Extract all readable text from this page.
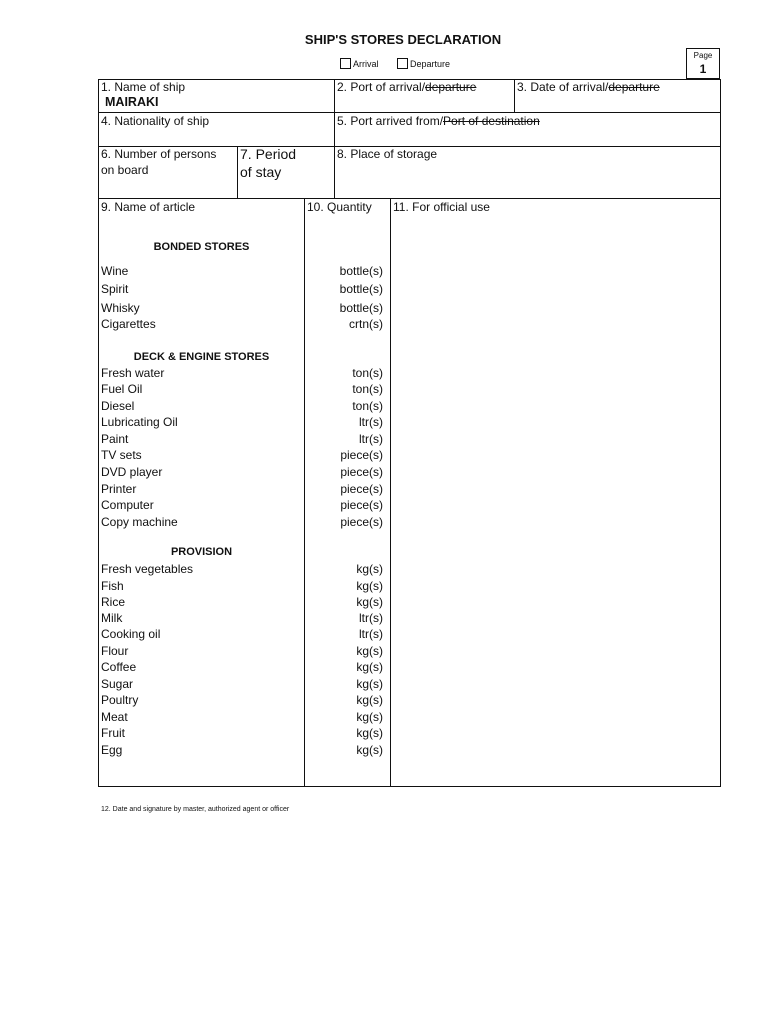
SHIP'S STORES DECLARATION
Arrival	Departure
Page
1
1. Name of ship
MAIRAKI
2. Port of arrival/departure	3. Date of arrival/departure
4. Nationality of ship	5. Port arrived from/Port of destination
6. Number of persons
on board
7. Period
of stay
8. Place of storage
9. Name of article	10. Quantity 11. For official use
BONDED STORES
DECK & ENGINE STORES
PROVISION
Wine	bottle(s)
Spirit	bottle(s)
Whisky	bottle(s)
Cigarettes	crtn(s)
Fresh water	ton(s)
Fuel Oil	ton(s)
Diesel	ton(s)
Lubricating Oil	ltr(s)
Paint	ltr(s)
TV sets	piece(s)
DVD player	piece(s)
Printer	piece(s)
Computer	piece(s)
Copy machine	piece(s)
Fresh vegetables	kg(s)
Fish	kg(s)
Rice	kg(s)
Milk	ltr(s)
Cooking oil	ltr(s)
Flour	kg(s)
Coffee	kg(s)
Sugar	kg(s)
Poultry	kg(s)
Meat	kg(s)
Fruit	kg(s)
Egg	kg(s)
12. Date and signature by master, authorized agent or officer
